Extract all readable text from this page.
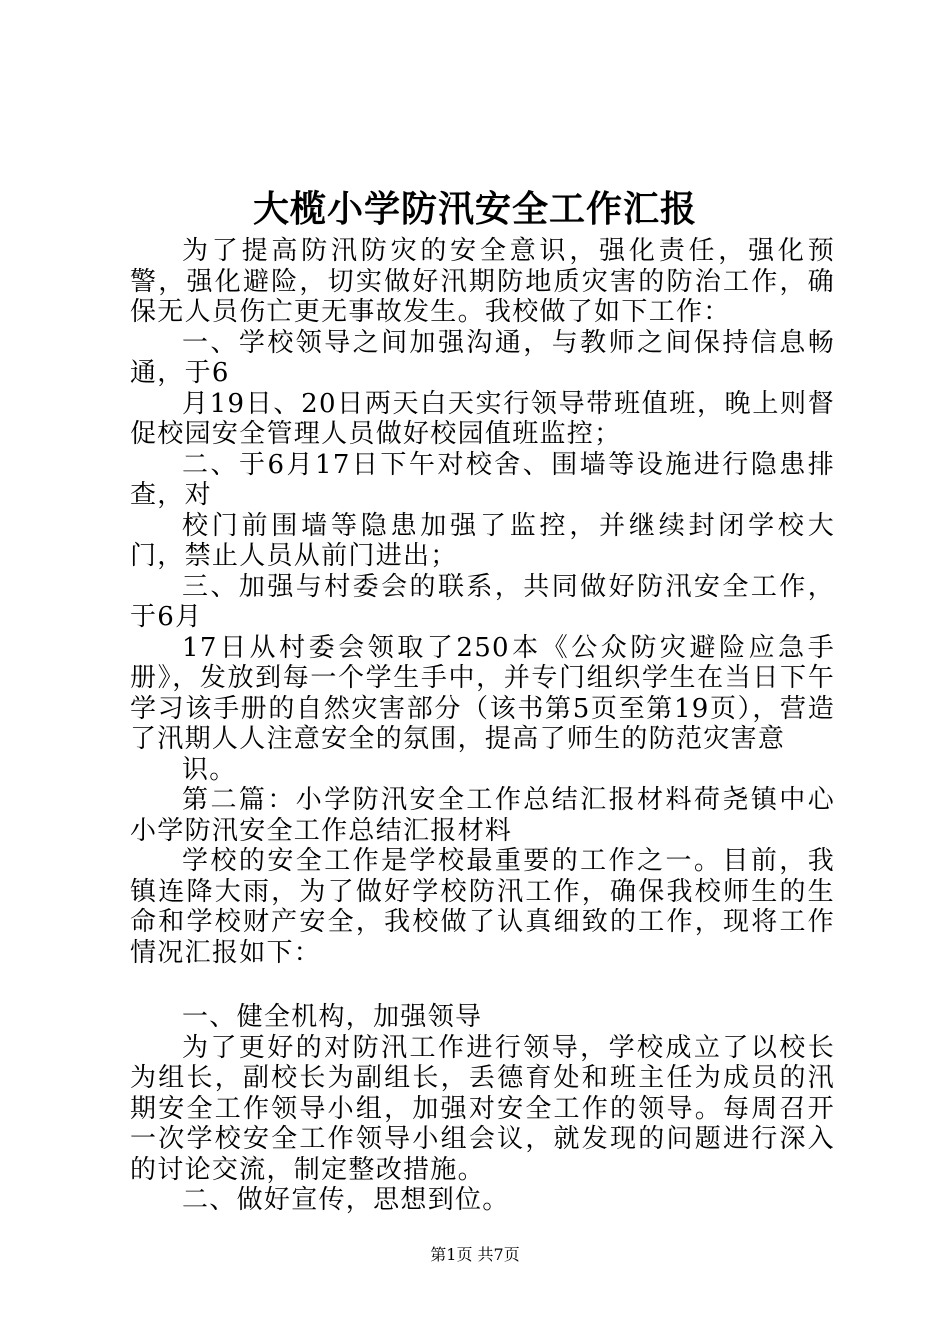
大榄小学防汛安全工作汇报

为了提高防汛防灾的安全意识，强化责任，强化预警，强化避险，切实做好汛期防地质灾害的防治工作，确保无人员伤亡更无事故发生。我校做了如下工作：

一、学校领导之间加强沟通，与教师之间保持信息畅通，于6

月19日、20日两天白天实行领导带班值班，晚上则督促校园安全管理人员做好校园值班监控；

二、于6月17日下午对校舍、围墙等设施进行隐患排查，对

校门前围墙等隐患加强了监控，并继续封闭学校大门，禁止人员从前门进出；

三、加强与村委会的联系，共同做好防汛安全工作，于6月

17日从村委会领取了250本《公众防灾避险应急手册》，发放到每一个学生手中，并专门组织学生在当日下午学习该手册的自然灾害部分（该书第5页至第19页），营造了汛期人人注意安全的氛围，提高了师生的防范灾害意

识。

第二篇：小学防汛安全工作总结汇报材料荷尧镇中心小学防汛安全工作总结汇报材料

学校的安全工作是学校最重要的工作之一。目前，我镇连降大雨，为了做好学校防汛工作，确保我校师生的生命和学校财产安全，我校做了认真细致的工作，现将工作情况汇报如下：

一、健全机构，加强领导

为了更好的对防汛工作进行领导，学校成立了以校长为组长，副校长为副组长，丢德育处和班主任为成员的汛期安全工作领导小组，加强对安全工作的领导。每周召开一次学校安全工作领导小组会议，就发现的问题进行深入的讨论交流，制定整改措施。

二、做好宣传，思想到位。

第1页 共7页
